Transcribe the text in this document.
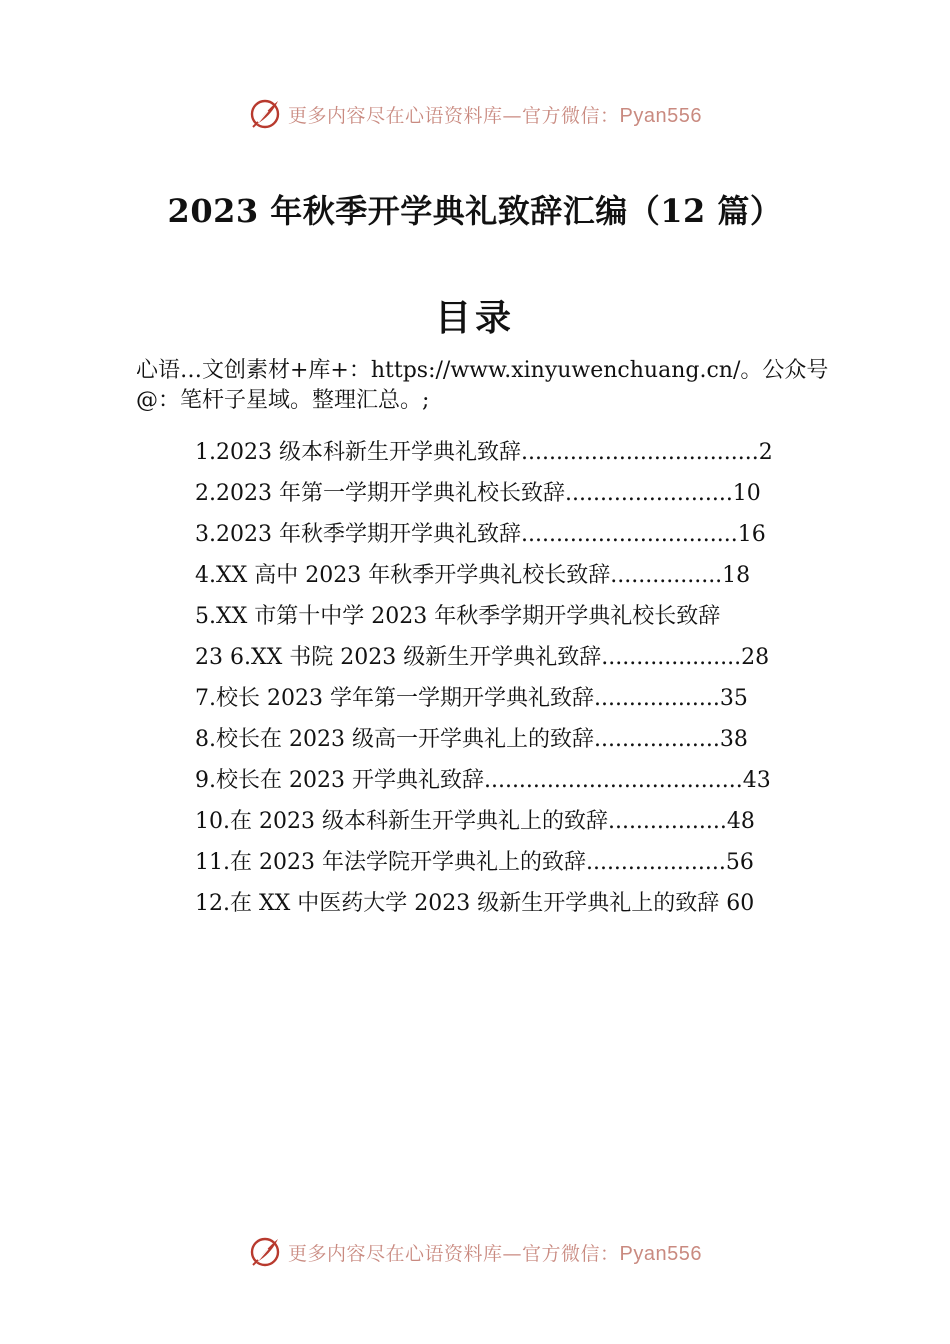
更多内容尽在心语资料库—官方微信：Pyan556
2023 年秋季开学典礼致辞汇编（12 篇）
目录
心语…文创素材+库+：https://www.xinyuwenchuang.cn/。公众号@：笔杆子星域。整理汇总。;
1.2023 级本科新生开学典礼致辞..................................2
2.2023 年第一学期开学典礼校长致辞........................10
3.2023 年秋季学期开学典礼致辞...............................16
4.XX 高中 2023 年秋季开学典礼校长致辞................18
5.XX 市第十中学 2023 年秋季学期开学典礼校长致辞
23 6.XX 书院 2023 级新生开学典礼致辞....................28
7.校长 2023 学年第一学期开学典礼致辞..................35
8.校长在 2023 级高一开学典礼上的致辞..................38
9.校长在 2023 开学典礼致辞.....................................43
10.在 2023 级本科新生开学典礼上的致辞.................48
11.在 2023 年法学院开学典礼上的致辞....................56
12.在 XX 中医药大学 2023 级新生开学典礼上的致辞 60
更多内容尽在心语资料库—官方微信：Pyan556
